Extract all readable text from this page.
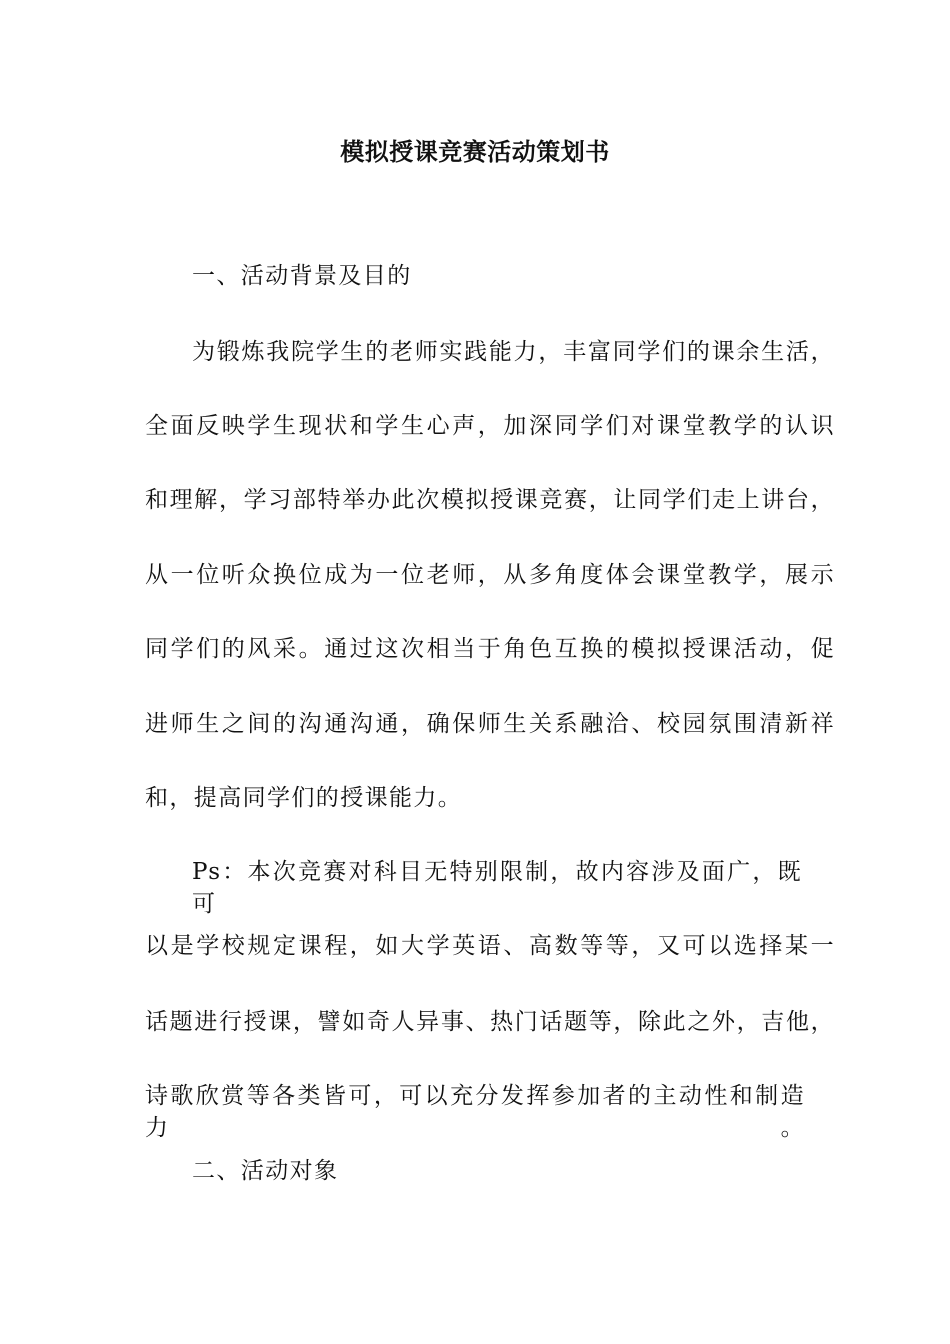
模拟授课竞赛活动策划书
一、活动背景及目的
为锻炼我院学生的老师实践能力，丰富同学们的课余生活，
全面反映学生现状和学生心声，加深同学们对课堂教学的认识
和理解，学习部特举办此次模拟授课竞赛，让同学们走上讲台，
从一位听众换位成为一位老师，从多角度体会课堂教学，展示
同学们的风采。通过这次相当于角色互换的模拟授课活动，促
进师生之间的沟通沟通，确保师生关系融洽、校园氛围清新祥
和，提高同学们的授课能力。
Ps：本次竞赛对科目无特别限制，故内容涉及面广，既可
以是学校规定课程，如大学英语、高数等等，又可以选择某一
话题进行授课，譬如奇人异事、热门话题等，除此之外，吉他，
诗歌欣赏等各类皆可，可以充分发挥参加者的主动性和制造力。
二、活动对象
